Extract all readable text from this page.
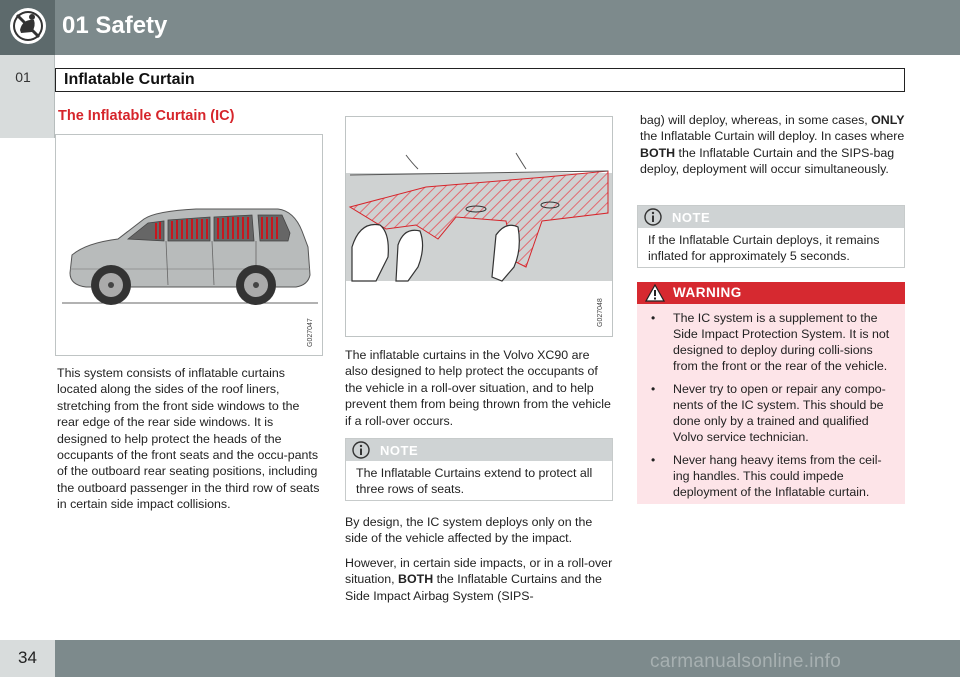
01 Safety
01	Inflatable Curtain
The Inflatable Curtain (IC)
G027047
This system consists of inflatable curtains located along the sides of the roof liners, stretching from the front side windows to the rear edge of the rear side windows. It is designed to help protect the heads of the occupants of the front seats and the occu-pants of the outboard rear seating positions, including the outboard passenger in the third row of seats in certain side impact collisions.
G027048
The inflatable curtains in the Volvo XC90 are also designed to help protect the occupants of the vehicle in a roll-over situation, and to help prevent them from being thrown from the vehicle if a roll-over occurs.
NOTE
The Inflatable Curtains extend to protect all three rows of seats.
By design, the IC system deploys only on the side of the vehicle affected by the impact.
However, in certain side impacts, or in a roll-over situation, BOTH the Inflatable Curtains and the Side Impact Airbag System (SIPS-
bag) will deploy, whereas, in some cases, ONLY the Inflatable Curtain will deploy. In cases where BOTH the Inflatable Curtain and the SIPS-bag deploy, deployment will occur simultaneously.
NOTE
If the Inflatable Curtain deploys, it remains inflated for approximately 5 seconds.
WARNING
• The IC system is a supplement to the Side Impact Protection System. It is not designed to deploy during colli-sions from the front or the rear of the vehicle.
• Never try to open or repair any compo-nents of the IC system. This should be done only by a trained and qualified Volvo service technician.
• Never hang heavy items from the ceil-ing handles. This could impede deployment of the Inflatable curtain.
34	carmanualsonline.info
